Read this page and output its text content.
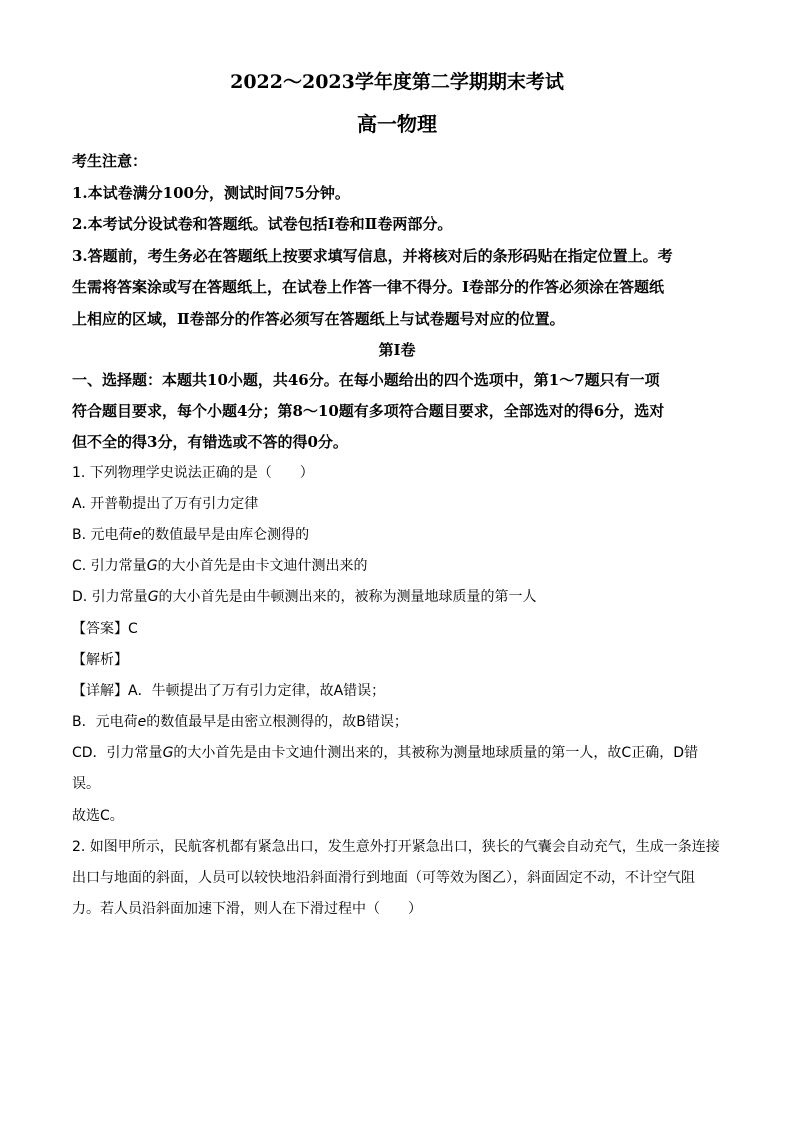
2022～2023学年度第二学期期末考试
高一物理
考生注意：
1.本试卷满分100分，测试时间75分钟。
2.本考试分设试卷和答题纸。试卷包括Ⅰ卷和Ⅱ卷两部分。
3.答题前，考生务必在答题纸上按要求填写信息，并将核对后的条形码贴在指定位置上。考
生需将答案涂或写在答题纸上，在试卷上作答一律不得分。Ⅰ卷部分的作答必须涂在答题纸
上相应的区域，Ⅱ卷部分的作答必须写在答题纸上与试卷题号对应的位置。
第Ⅰ卷
一、选择题：本题共10小题，共46分。在每小题给出的四个选项中，第1～7题只有一项
符合题目要求，每个小题4分；第8～10题有多项符合题目要求，全部选对的得6分，选对
但不全的得3分，有错选或不答的得0分。
1. 下列物理学史说法正确的是（　　）
A. 开普勒提出了万有引力定律
B. 元电荷e的数值最早是由库仑测得的
C. 引力常量G的大小首先是由卡文迪什测出来的
D. 引力常量G的大小首先是由牛顿测出来的，被称为测量地球质量的第一人
【答案】C
【解析】
【详解】A．牛顿提出了万有引力定律，故A错误；
B．元电荷e的数值最早是由密立根测得的，故B错误；
CD．引力常量G的大小首先是由卡文迪什测出来的，其被称为测量地球质量的第一人，故C正确，D错
误。
故选C。
2. 如图甲所示，民航客机都有紧急出口，发生意外打开紧急出口，狭长的气囊会自动充气，生成一条连接
出口与地面的斜面，人员可以较快地沿斜面滑行到地面（可等效为图乙），斜面固定不动，不计空气阻
力。若人员沿斜面加速下滑，则人在下滑过程中（　　）
